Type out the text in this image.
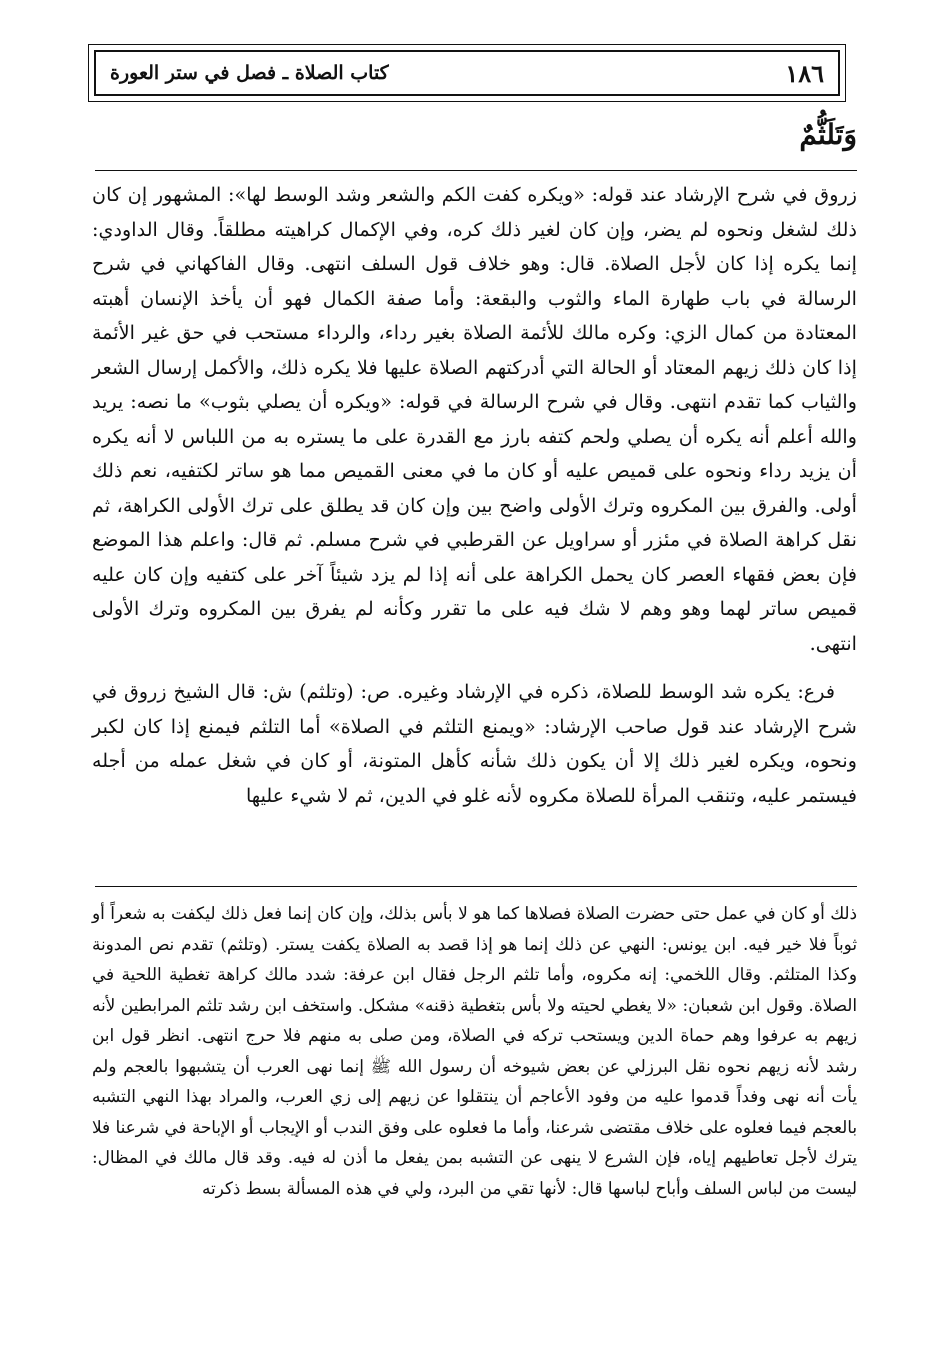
١٨٦
كتاب الصلاة ـ فصل في ستر العورة
وَتَلَثُّمٌ

زروق في شرح الإرشاد عند قوله: «ويكره كفت الكم والشعر وشد الوسط لها»: المشهور إن كان ذلك لشغل ونحوه لم يضر، وإن كان لغير ذلك كره، وفي الإكمال كراهيته مطلقاً. وقال الداودي: إنما يكره إذا كان لأجل الصلاة. قال: وهو خلاف قول السلف انتهى. وقال الفاكهاني في شرح الرسالة في باب طهارة الماء والثوب والبقعة: وأما صفة الكمال فهو أن يأخذ الإنسان أهبته المعتادة من كمال الزي: وكره مالك للأئمة الصلاة بغير رداء، والرداء مستحب في حق غير الأئمة إذا كان ذلك زيهم المعتاد أو الحالة التي أدركتهم الصلاة عليها فلا يكره ذلك، والأكمل إرسال الشعر والثياب كما تقدم انتهى. وقال في شرح الرسالة في قوله: «ويكره أن يصلي بثوب» ما نصه: يريد والله أعلم أنه يكره أن يصلي ولحم كتفه بارز مع القدرة على ما يستره به من اللباس لا أنه يكره أن يزيد رداء ونحوه على قميص عليه أو كان ما في معنى القميص مما هو ساتر لكتفيه، نعم ذلك أولى. والفرق بين المكروه وترك الأولى واضح بين وإن كان قد يطلق على ترك الأولى الكراهة، ثم نقل كراهة الصلاة في مئزر أو سراويل عن القرطبي في شرح مسلم. ثم قال: واعلم هذا الموضع فإن بعض فقهاء العصر كان يحمل الكراهة على أنه إذا لم يزد شيئاً آخر على كتفيه وإن كان عليه قميص ساتر لهما وهو وهم لا شك فيه على ما تقرر وكأنه لم يفرق بين المكروه وترك الأولى انتهى.

فرع: يكره شد الوسط للصلاة، ذكره في الإرشاد وغيره. ص: (وتلثم) ش: قال الشيخ زروق في شرح الإرشاد عند قول صاحب الإرشاد: «ويمنع التلثم في الصلاة» أما التلثم فيمنع إذا كان لكبر ونحوه، ويكره لغير ذلك إلا أن يكون ذلك شأنه كأهل المتونة، أو كان في شغل عمله من أجله فيستمر عليه، وتنقب المرأة للصلاة مكروه لأنه غلو في الدين، ثم لا شيء عليها

ذلك أو كان في عمل حتى حضرت الصلاة فصلاها كما هو لا بأس بذلك، وإن كان إنما فعل ذلك ليكفت به شعراً أو ثوباً فلا خير فيه. ابن يونس: النهي عن ذلك إنما هو إذا قصد به الصلاة يكفت يستر. (وتلثم) تقدم نص المدونة وكذا المتلثم. وقال اللخمي: إنه مكروه، وأما تلثم الرجل فقال ابن عرفة: شدد مالك كراهة تغطية اللحية في الصلاة. وقول ابن شعبان: «لا يغطي لحيته ولا بأس بتغطية ذقنه» مشكل. واستخف ابن رشد تلثم المرابطين لأنه زيهم به عرفوا وهم حماة الدين ويستحب تركه في الصلاة، ومن صلى به منهم فلا حرج انتهى. انظر قول ابن رشد لأنه زيهم نحوه نقل البرزلي عن بعض شيوخه أن رسول الله ﷺ إنما نهى العرب أن يتشبهوا بالعجم ولم يأت أنه نهى وفداً قدموا عليه من وفود الأعاجم أن ينتقلوا عن زيهم إلى زي العرب، والمراد بهذا النهي التشبه بالعجم فيما فعلوه على خلاف مقتضى شرعنا، وأما ما فعلوه على وفق الندب أو الإيجاب أو الإباحة في شرعنا فلا يترك لأجل تعاطيهم إياه، فإن الشرع لا ينهى عن التشبه بمن يفعل ما أذن له فيه. وقد قال مالك في المظال: ليست من لباس السلف وأباح لباسها قال: لأنها تقي من البرد، ولي في هذه المسألة بسط ذكرته
